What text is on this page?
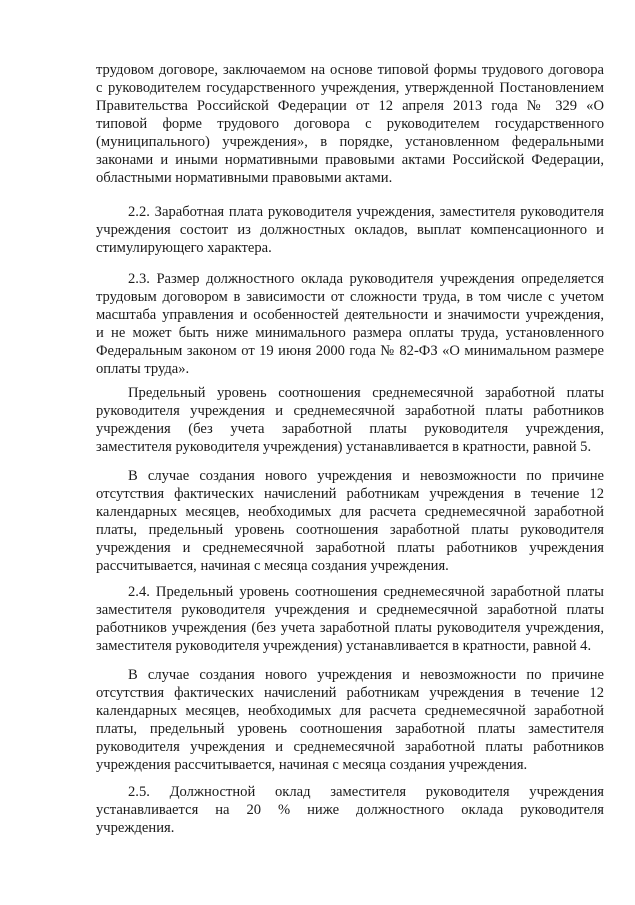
трудовом договоре, заключаемом на основе типовой формы трудового договора
с руководителем государственного учреждения, утвержденной Постановлением
Правительства Российской Федерации от 12 апреля 2013 года № 329 «О
типовой форме трудового договора с руководителем государственного
(муниципального) учреждения», в порядке, установленном федеральными
законами и иными нормативными правовыми актами Российской Федерации,
областными нормативными правовыми актами.

2.2. Заработная плата руководителя учреждения, заместителя руководителя
учреждения состоит из должностных окладов, выплат компенсационного и
стимулирующего характера.

2.3. Размер должностного оклада руководителя учреждения определяется
трудовым договором в зависимости от сложности труда, в том числе с учетом
масштаба управления и особенностей деятельности и значимости учреждения,
и не может быть ниже минимального размера оплаты труда, установленного
Федеральным законом от 19 июня 2000 года № 82-ФЗ «О минимальном размере
оплаты труда».

Предельный уровень соотношения среднемесячной заработной платы
руководителя учреждения и среднемесячной заработной платы работников
учреждения (без учета заработной платы руководителя учреждения,
заместителя руководителя учреждения) устанавливается в кратности, равной 5.

В случае создания нового учреждения и невозможности по причине
отсутствия фактических начислений работникам учреждения в течение 12
календарных месяцев, необходимых для расчета среднемесячной заработной
платы, предельный уровень соотношения заработной платы руководителя
учреждения и среднемесячной заработной платы работников учреждения
рассчитывается, начиная с месяца создания учреждения.

2.4. Предельный уровень соотношения среднемесячной заработной платы
заместителя руководителя учреждения и среднемесячной заработной платы
работников учреждения (без учета заработной платы руководителя учреждения,
заместителя руководителя учреждения) устанавливается в кратности, равной 4.

В случае создания нового учреждения и невозможности по причине
отсутствия фактических начислений работникам учреждения в течение 12
календарных месяцев, необходимых для расчета среднемесячной заработной
платы, предельный уровень соотношения заработной платы заместителя
руководителя учреждения и среднемесячной заработной платы работников
учреждения рассчитывается, начиная с месяца создания учреждения.

2.5. Должностной оклад заместителя руководителя учреждения
устанавливается на 20 % ниже должностного оклада руководителя
учреждения.
